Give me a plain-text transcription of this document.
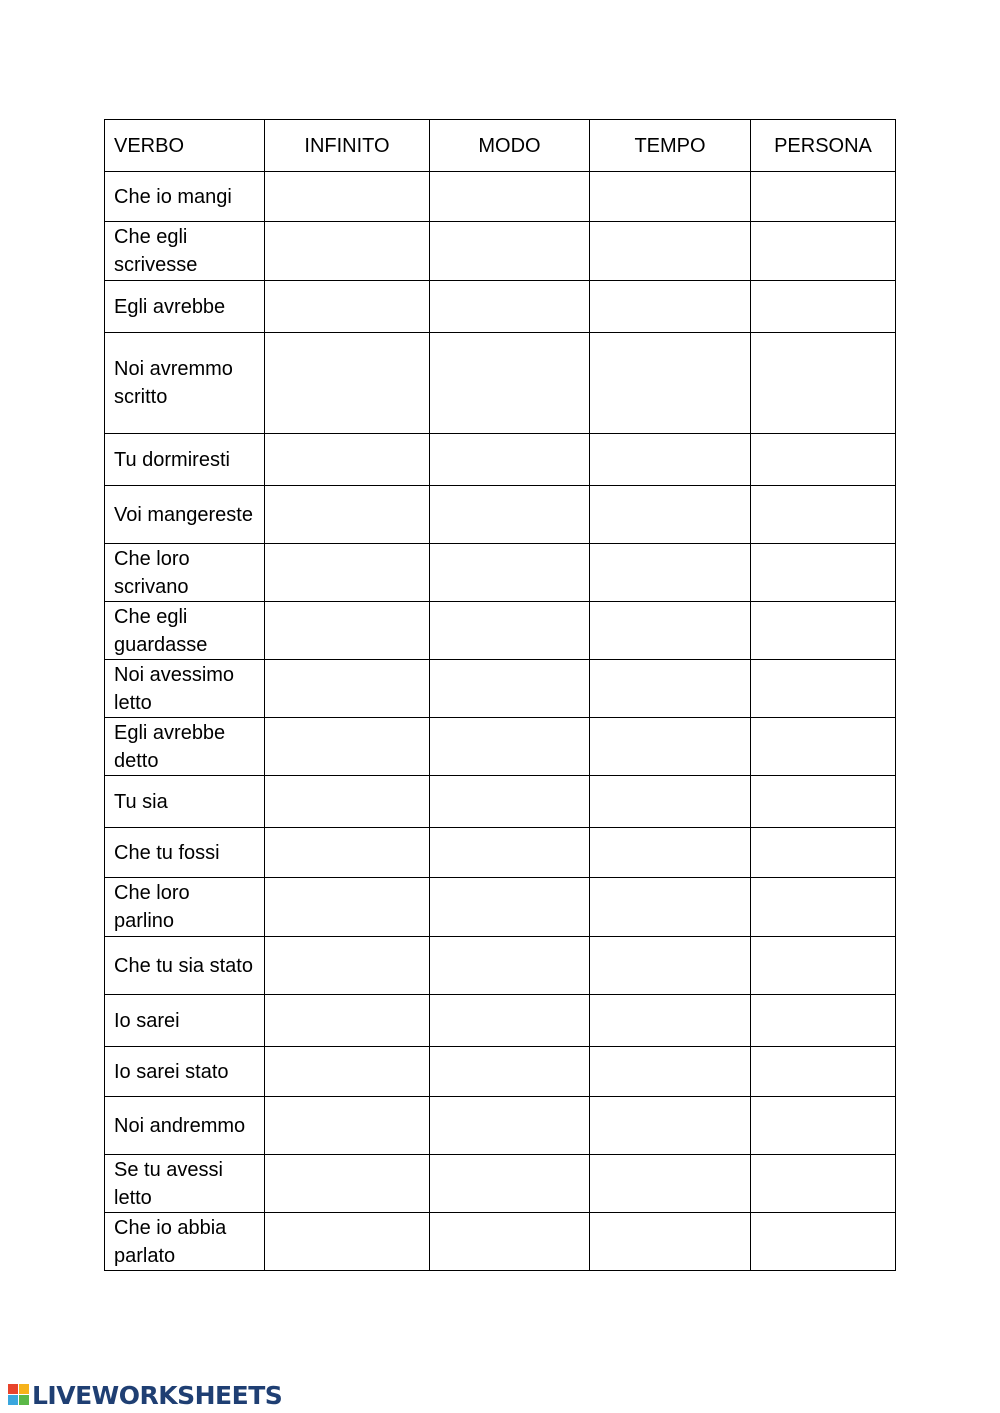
VERBO	INFINITO	MODO	TEMPO	PERSONA
Che io mangi				
Che egli scrivesse				
Egli avrebbe				
Noi avremmo scritto				
Tu dormiresti				
Voi mangereste				
Che loro scrivano				
Che egli guardasse				
Noi avessimo letto				
Egli avrebbe detto				
Tu sia				
Che tu fossi				
Che loro parlino				
Che tu sia stato				
Io sarei				
Io sarei stato				
Noi andremmo				
Se tu avessi letto				
Che io abbia parlato				
LIVEWORKSHEETS
